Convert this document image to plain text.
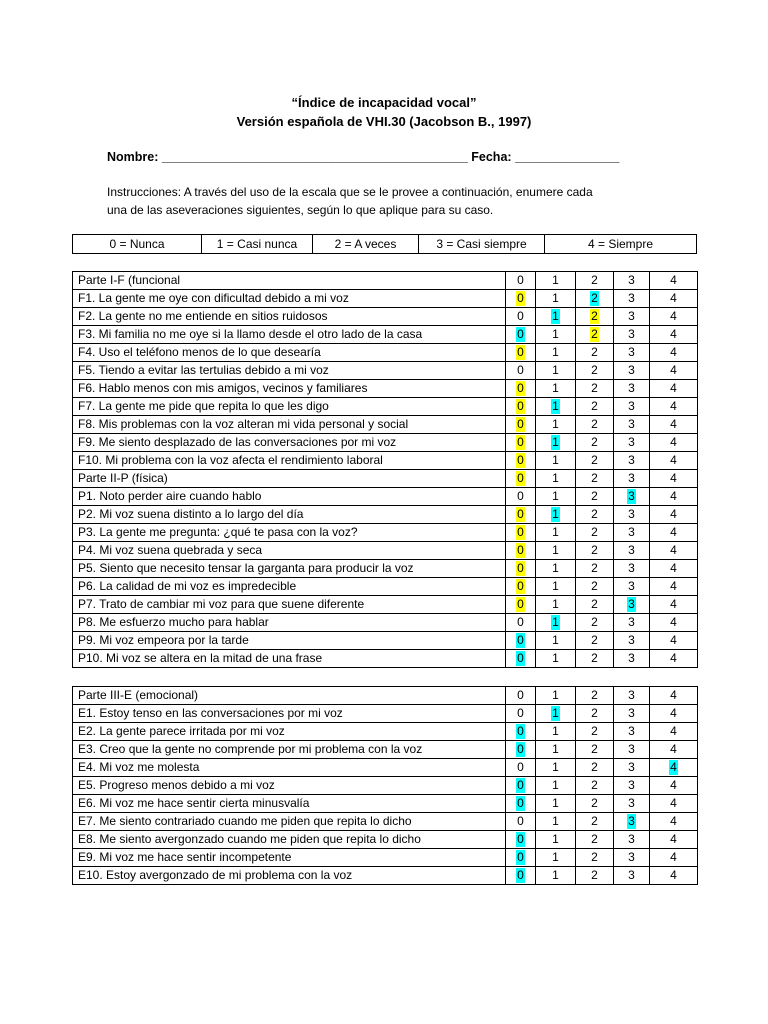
“Índice de incapacidad vocal”
Versión española de VHI.30 (Jacobson B., 1997)
Nombre: ____________________________________________ Fecha: _______________
Instrucciones: A través del uso de la escala que se le provee a continuación, enumere cada
una de las aseveraciones siguientes, según lo que aplique para su caso.
0 = Nunca	1 = Casi nunca	2 = A veces	3 = Casi siempre	4 = Siempre
Parte I-F (funcional	0	1	2	3	4
F1. La gente me oye con dificultad debido a mi voz	0	1	2	3	4
F2. La gente no me entiende en sitios ruidosos	0	1	2	3	4
F3. Mi familia no me oye si la llamo desde el otro lado de la casa	0	1	2	3	4
F4. Uso el teléfono menos de lo que desearía	0	1	2	3	4
F5. Tiendo a evitar las tertulias debido a mi voz	0	1	2	3	4
F6. Hablo menos con mis amigos, vecinos y familiares	0	1	2	3	4
F7. La gente me pide que repita lo que les digo	0	1	2	3	4
F8. Mis problemas con la voz alteran mi vida personal y social	0	1	2	3	4
F9. Me siento desplazado de las conversaciones por mi voz	0	1	2	3	4
F10. Mi problema con la voz afecta el rendimiento laboral	0	1	2	3	4
Parte II-P (física)	0	1	2	3	4
P1. Noto perder aire cuando hablo	0	1	2	3	4
P2. Mi voz suena distinto a lo largo del día	0	1	2	3	4
P3. La gente me pregunta: ¿qué te pasa con la voz?	0	1	2	3	4
P4. Mi voz suena quebrada y seca	0	1	2	3	4
P5. Siento que necesito tensar la garganta para producir la voz	0	1	2	3	4
P6. La calidad de mi voz es impredecible	0	1	2	3	4
P7. Trato de cambiar mi voz para que suene diferente	0	1	2	3	4
P8. Me esfuerzo mucho para hablar	0	1	2	3	4
P9. Mi voz empeora por la tarde	0	1	2	3	4
P10. Mi voz se altera en la mitad de una frase	0	1	2	3	4
Parte III-E (emocional)	0	1	2	3	4
E1. Estoy tenso en las conversaciones por mi voz	0	1	2	3	4
E2. La gente parece irritada por mi voz	0	1	2	3	4
E3. Creo que la gente no comprende por mi problema con la voz	0	1	2	3	4
E4. Mi voz me molesta	0	1	2	3	4
E5. Progreso menos debido a mi voz	0	1	2	3	4
E6. Mi voz me hace sentir cierta minusvalía	0	1	2	3	4
E7. Me siento contrariado cuando me piden que repita lo dicho	0	1	2	3	4
E8. Me siento avergonzado cuando me piden que repita lo dicho	0	1	2	3	4
E9. Mi voz me hace sentir incompetente	0	1	2	3	4
E10. Estoy avergonzado de mi problema con la voz	0	1	2	3	4
